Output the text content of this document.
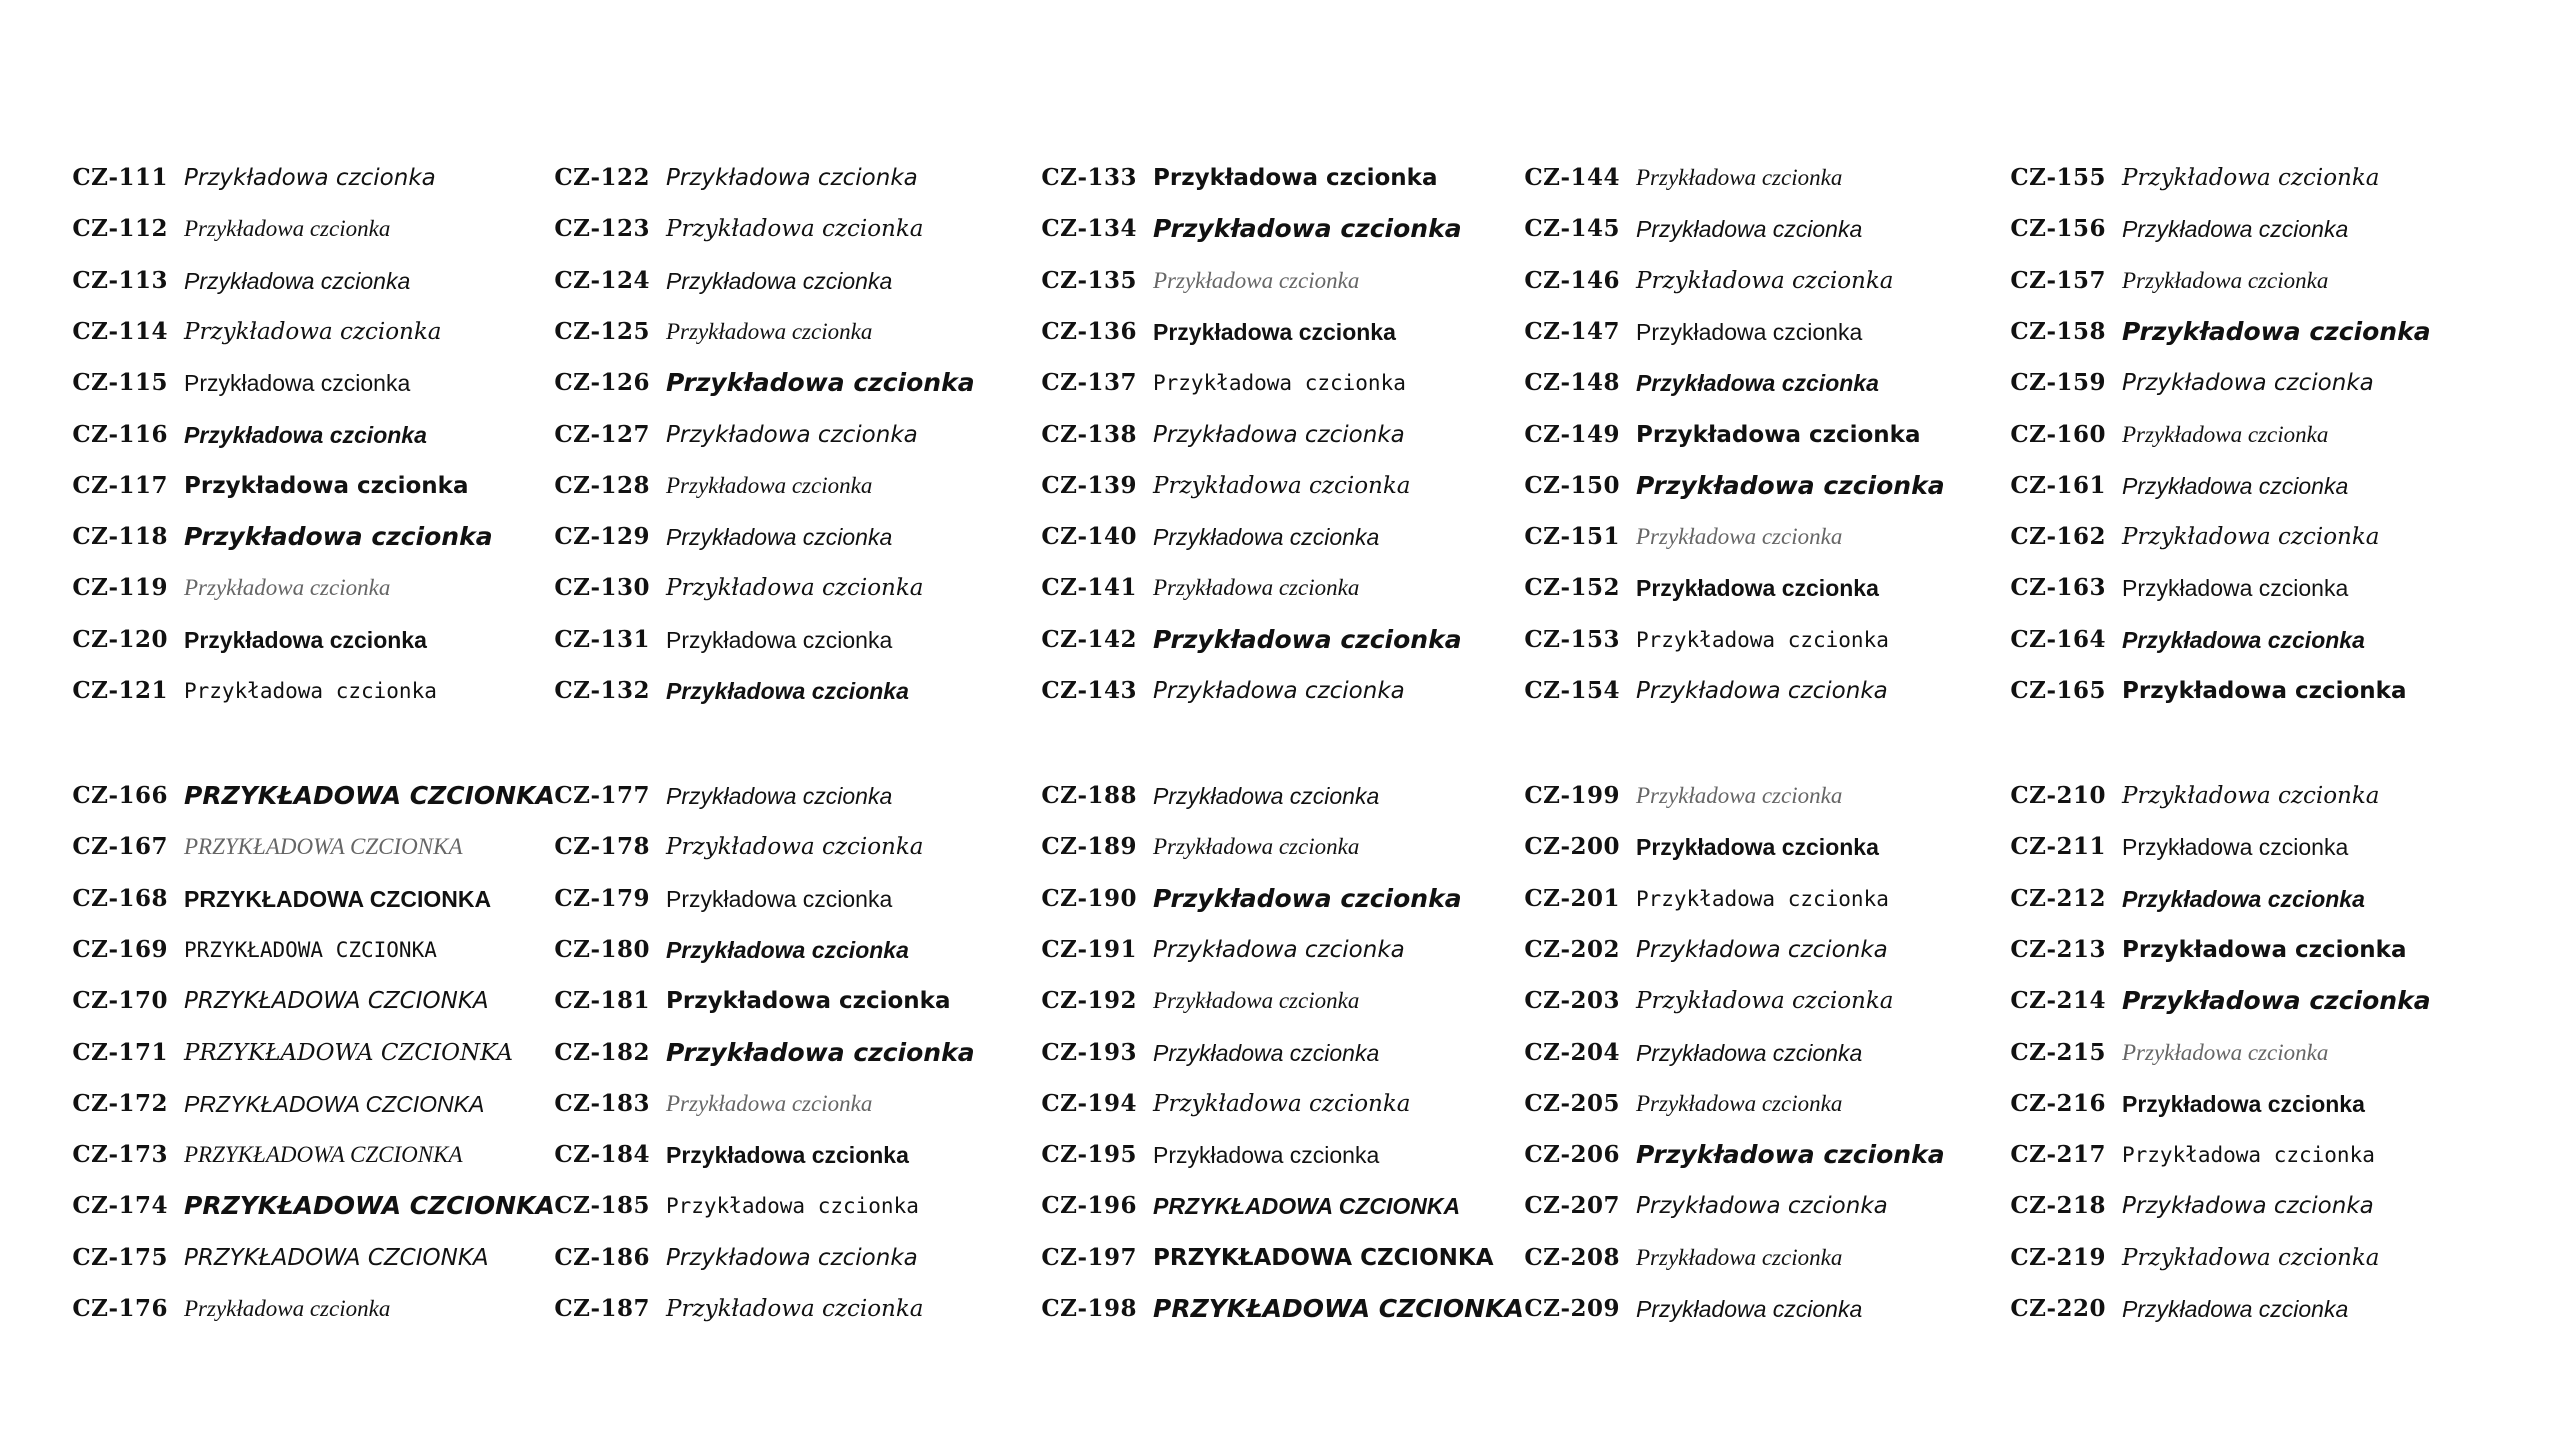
CZ-111 Przykładowa czcionka
CZ-112 Przykładowa czcionka
CZ-113 Przykładowa czcionka
CZ-114 Przykładowa czcionka
CZ-115 Przykładowa czcionka
CZ-116 Przykładowa czcionka
CZ-117 Przykładowa czcionka
CZ-118 Przykładowa czcionka
CZ-119 Przykładowa czcionka
CZ-120 Przykładowa czcionka
CZ-121 Przykładowa czcionka
CZ-122 Przykładowa czcionka
CZ-123 Przykładowa czcionka
CZ-124 Przykładowa czcionka
CZ-125 Przykładowa czcionka
CZ-126 Przykładowa czcionka
CZ-127 Przykładowa czcionka
CZ-128 Przykładowa czcionka
CZ-129 Przykładowa czcionka
CZ-130 Przykładowa czcionka
CZ-131 Przykładowa czcionka
CZ-132 Przykładowa czcionka
CZ-133 Przykładowa czcionka
CZ-134 Przykładowa czcionka
CZ-135 Przykładowa czcionka
CZ-136 Przykładowa czcionka
CZ-137 Przykładowa czcionka
CZ-138 Przykładowa czcionka
CZ-139 Przykładowa czcionka
CZ-140 Przykładowa czcionka
CZ-141 Przykładowa czcionka
CZ-142 Przykładowa czcionka
CZ-143 Przykładowa czcionka
CZ-144 Przykładowa czcionka
CZ-145 Przykładowa czcionka
CZ-146 Przykładowa czcionka
CZ-147 Przykładowa czcionka
CZ-148 Przykładowa czcionka
CZ-149 Przykładowa czcionka
CZ-150 Przykładowa czcionka
CZ-151 Przykładowa czcionka
CZ-152 Przykładowa czcionka
CZ-153 Przykładowa czcionka
CZ-154 Przykładowa czcionka
CZ-155 Przykładowa czcionka
CZ-156 Przykładowa czcionka
CZ-157 Przykładowa czcionka
CZ-158 Przykładowa czcionka
CZ-159 Przykładowa czcionka
CZ-160 Przykładowa czcionka
CZ-161 Przykładowa czcionka
CZ-162 Przykładowa czcionka
CZ-163 Przykładowa czcionka
CZ-164 Przykładowa czcionka
CZ-165 Przykładowa czcionka
CZ-166 PRZYKŁADOWA CZCIONKA
CZ-167 PRZYKŁADOWA CZCIONKA
CZ-168 PRZYKŁADOWA CZCIONKA
CZ-169 PRZYKŁADOWA CZCIONKA
CZ-170 PRZYKŁADOWA CZCIONKA
CZ-171 PRZYKŁADOWA CZCIONKA
CZ-172 PRZYKŁADOWA CZCIONKA
CZ-173 PRZYKŁADOWA CZCIONKA
CZ-174 PRZYKŁADOWA CZCIONKA
CZ-175 PRZYKŁADOWA CZCIONKA
CZ-176 Przykładowa czcionka
CZ-177 Przykładowa czcionka
CZ-178 Przykładowa czcionka
CZ-179 Przykładowa czcionka
CZ-180 Przykładowa czcionka
CZ-181 Przykładowa czcionka
CZ-182 Przykładowa czcionka
CZ-183 Przykładowa czcionka
CZ-184 Przykładowa czcionka
CZ-185 Przykładowa czcionka
CZ-186 Przykładowa czcionka
CZ-187 Przykładowa czcionka
CZ-188 Przykładowa czcionka
CZ-189 Przykładowa czcionka
CZ-190 Przykładowa czcionka
CZ-191 Przykładowa czcionka
CZ-192 Przykładowa czcionka
CZ-193 Przykładowa czcionka
CZ-194 Przykładowa czcionka
CZ-195 Przykładowa czcionka
CZ-196 PRZYKŁADOWA CZCIONKA
CZ-197 PRZYKŁADOWA CZCIONKA
CZ-198 PRZYKŁADOWA CZCIONKA
CZ-199 Przykładowa czcionka
CZ-200 Przykładowa czcionka
CZ-201 Przykładowa czcionka
CZ-202 Przykładowa czcionka
CZ-203 Przykładowa czcionka
CZ-204 Przykładowa czcionka
CZ-205 Przykładowa czcionka
CZ-206 Przykładowa czcionka
CZ-207 Przykładowa czcionka
CZ-208 Przykładowa czcionka
CZ-209 Przykładowa czcionka
CZ-210 Przykładowa czcionka
CZ-211 Przykładowa czcionka
CZ-212 Przykładowa czcionka
CZ-213 Przykładowa czcionka
CZ-214 Przykładowa czcionka
CZ-215 Przykładowa czcionka
CZ-216 Przykładowa czcionka
CZ-217 Przykładowa czcionka
CZ-218 Przykładowa czcionka
CZ-219 Przykładowa czcionka
CZ-220 Przykładowa czcionka
